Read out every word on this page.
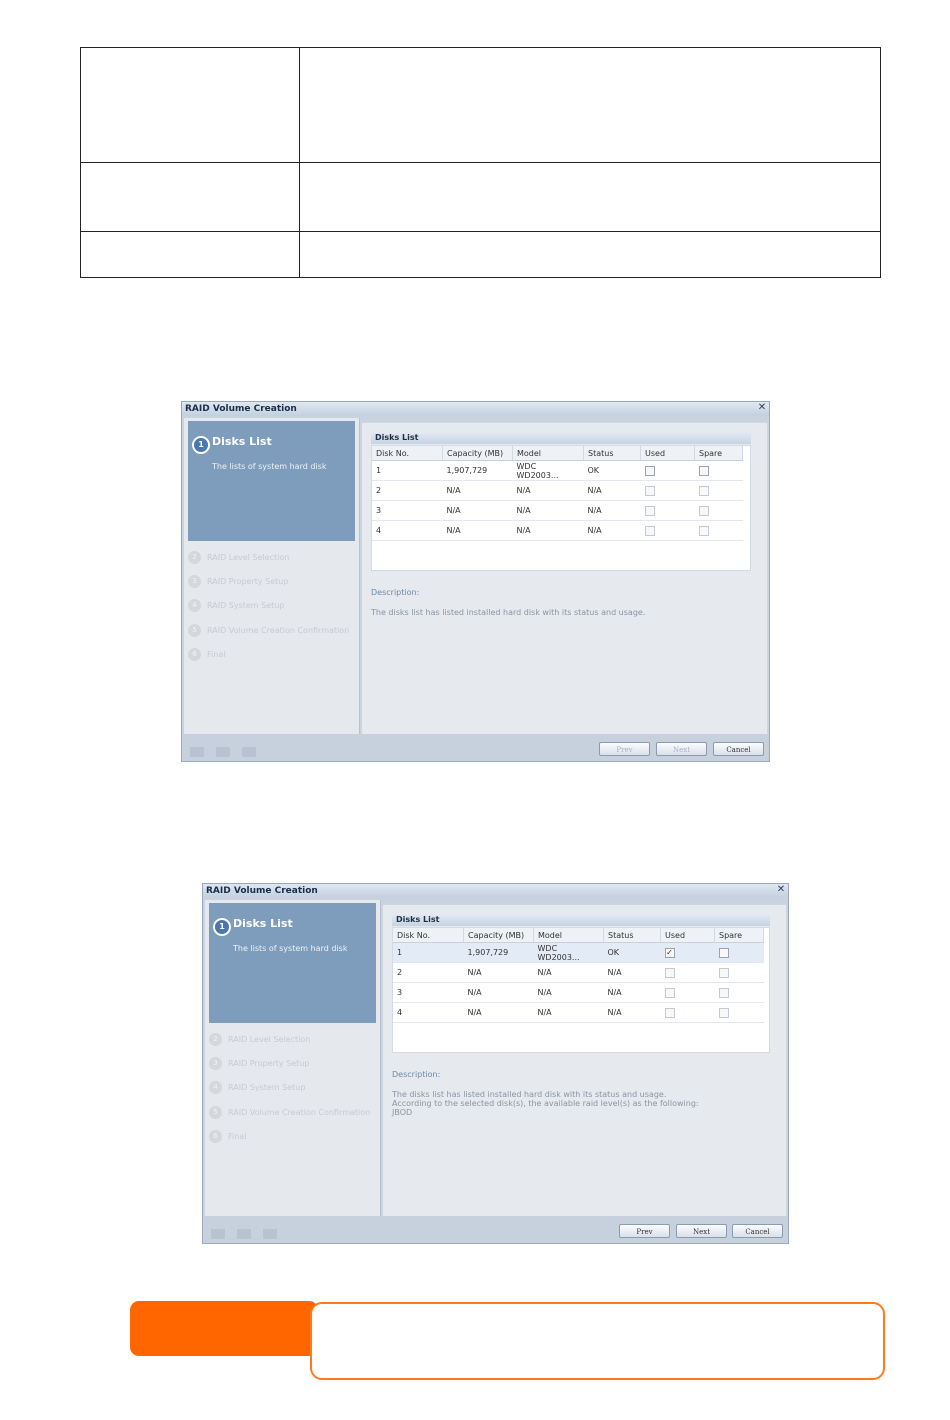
RAID Volume Creation	✕
1 Disks List
The lists of system hard disk
2 RAID Level Selection
3 RAID Property Setup
4 RAID System Setup
5 RAID Volume Creation Confirmation
6 Final
Disks List
Disk No.	Capacity (MB)	Model	Status	Used	Spare
1	1,907,729	WDC WD2003...	OK		
2	N/A	N/A	N/A		
3	N/A	N/A	N/A		
4	N/A	N/A	N/A		
Description:
The disks list has listed installed hard disk with its status and usage.
Prev	Next	Cancel
RAID Volume Creation	✕
1 Disks List
The lists of system hard disk
2 RAID Level Selection
3 RAID Property Setup
4 RAID System Setup
5 RAID Volume Creation Confirmation
6 Final
Disks List
Disk No.	Capacity (MB)	Model	Status	Used	Spare
1	1,907,729	WDC WD2003...	OK	✓	
2	N/A	N/A	N/A		
3	N/A	N/A	N/A		
4	N/A	N/A	N/A		
Description:
The disks list has listed installed hard disk with its status and usage.
According to the selected disk(s), the available raid level(s) as the following:
JBOD
Prev	Next	Cancel
